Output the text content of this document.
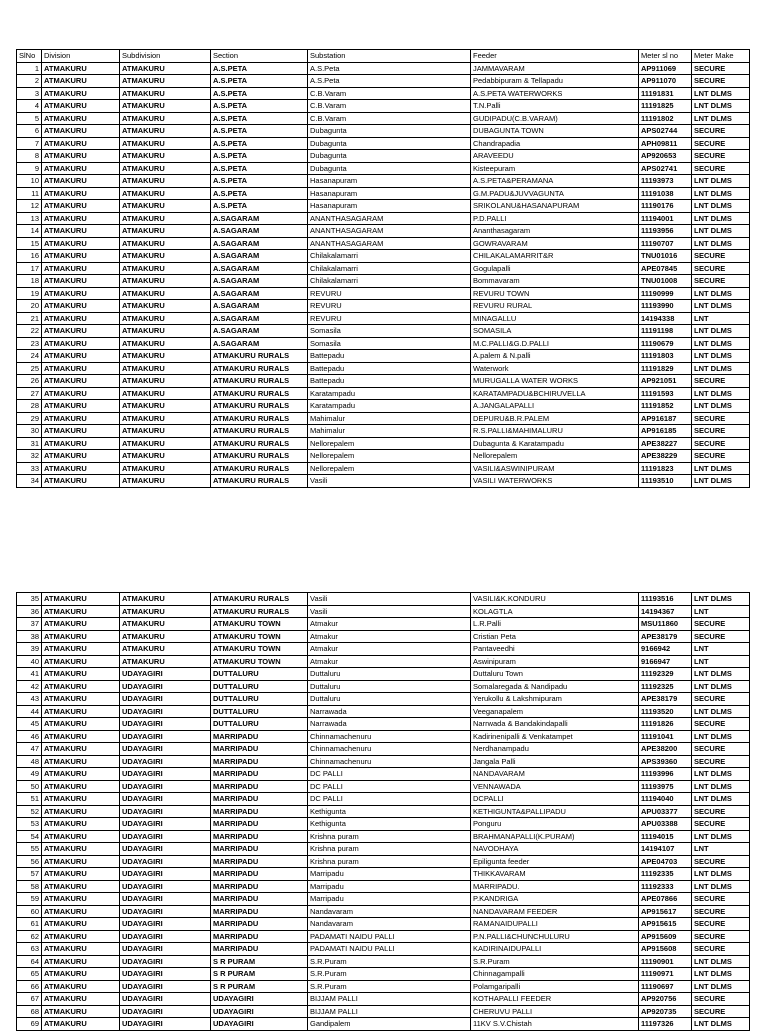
SlNo	Division	Subdivision	Section	Substation	Feeder	Meter sl no	Meter Make
1	ATMAKURU	ATMAKURU	A.S.PETA	A.S.Peta	JAMMAVARAM	AP911069	SECURE
2	ATMAKURU	ATMAKURU	A.S.PETA	A.S.Peta	Pedabbipuram & Tellapadu	AP911070	SECURE
3	ATMAKURU	ATMAKURU	A.S.PETA	C.B.Varam	A.S.PETA WATERWORKS	11191831	LNT DLMS
4	ATMAKURU	ATMAKURU	A.S.PETA	C.B.Varam	T.N.Palli	11191825	LNT DLMS
5	ATMAKURU	ATMAKURU	A.S.PETA	C.B.Varam	GUDIPADU(C.B.VARAM)	11191802	LNT DLMS
6	ATMAKURU	ATMAKURU	A.S.PETA	Dubagunta	DUBAGUNTA TOWN	APS02744	SECURE
7	ATMAKURU	ATMAKURU	A.S.PETA	Dubagunta	Chandrapadia	APH09811	SECURE
8	ATMAKURU	ATMAKURU	A.S.PETA	Dubagunta	ARAVEEDU	AP920653	SECURE
9	ATMAKURU	ATMAKURU	A.S.PETA	Dubagunta	Kisteepuram	APS02741	SECURE
10	ATMAKURU	ATMAKURU	A.S.PETA	Hasanapuram	A.S.PETA&PERAMANA	11193973	LNT DLMS
11	ATMAKURU	ATMAKURU	A.S.PETA	Hasanapuram	G.M.PADU&JUVVAGUNTA	11191038	LNT DLMS
12	ATMAKURU	ATMAKURU	A.S.PETA	Hasanapuram	SRIKOLANU&HASANAPURAM	11190176	LNT DLMS
13	ATMAKURU	ATMAKURU	A.SAGARAM	ANANTHASAGARAM	P.D.PALLI	11194001	LNT DLMS
14	ATMAKURU	ATMAKURU	A.SAGARAM	ANANTHASAGARAM	Ananthasagaram	11193956	LNT DLMS
15	ATMAKURU	ATMAKURU	A.SAGARAM	ANANTHASAGARAM	GOWRAVARAM	11190707	LNT DLMS
16	ATMAKURU	ATMAKURU	A.SAGARAM	Chilakalamarri	CHILAKALAMARRIT&R	TNU01016	SECURE
17	ATMAKURU	ATMAKURU	A.SAGARAM	Chilakalamarri	Gogulapalli	APE07845	SECURE
18	ATMAKURU	ATMAKURU	A.SAGARAM	Chilakalamarri	Bommavaram	TNU01008	SECURE
19	ATMAKURU	ATMAKURU	A.SAGARAM	REVURU	REVURU TOWN	11190999	LNT DLMS
20	ATMAKURU	ATMAKURU	A.SAGARAM	REVURU	REVURU RURAL	11193990	LNT DLMS
21	ATMAKURU	ATMAKURU	A.SAGARAM	REVURU	MINAGALLU	14194338	LNT
22	ATMAKURU	ATMAKURU	A.SAGARAM	Somasila	SOMASILA	11191198	LNT DLMS
23	ATMAKURU	ATMAKURU	A.SAGARAM	Somasila	M.C.PALLI&G.D.PALLI	11190679	LNT DLMS
24	ATMAKURU	ATMAKURU	ATMAKURU RURALS	Battepadu	A.palem & N.palli	11191803	LNT DLMS
25	ATMAKURU	ATMAKURU	ATMAKURU RURALS	Battepadu	Waterwork	11191829	LNT DLMS
26	ATMAKURU	ATMAKURU	ATMAKURU RURALS	Battepadu	MURUGALLA WATER WORKS	AP921051	SECURE
27	ATMAKURU	ATMAKURU	ATMAKURU RURALS	Karatampadu	KARATAMPADU&BCHIRUVELLA	11191593	LNT DLMS
28	ATMAKURU	ATMAKURU	ATMAKURU RURALS	Karatampadu	A.JANGALAPALLI	11191852	LNT DLMS
29	ATMAKURU	ATMAKURU	ATMAKURU RURALS	Mahimalur	DEPURU&B.R.PALEM	AP916187	SECURE
30	ATMAKURU	ATMAKURU	ATMAKURU RURALS	Mahimalur	R.S.PALLI&MAHIMALURU	AP916185	SECURE
31	ATMAKURU	ATMAKURU	ATMAKURU RURALS	Nellorepalem	Dubagunta & Karatampadu	APE38227	SECURE
32	ATMAKURU	ATMAKURU	ATMAKURU RURALS	Nellorepalem	Nellorepalem	APE38229	SECURE
33	ATMAKURU	ATMAKURU	ATMAKURU RURALS	Nellorepalem	VASILI&ASWINIPURAM	11191823	LNT DLMS
34	ATMAKURU	ATMAKURU	ATMAKURU RURALS	Vasili	VASILI WATERWORKS	11193510	LNT DLMS
35	ATMAKURU	ATMAKURU	ATMAKURU RURALS	Vasili	VASILI&K.KONDURU	11193516	LNT DLMS
36	ATMAKURU	ATMAKURU	ATMAKURU RURALS	Vasili	KOLAGTLA	14194367	LNT
37	ATMAKURU	ATMAKURU	ATMAKURU TOWN	Atmakur	L.R.Palli	MSU11860	SECURE
38	ATMAKURU	ATMAKURU	ATMAKURU TOWN	Atmakur	Cristian Peta	APE38179	SECURE
39	ATMAKURU	ATMAKURU	ATMAKURU TOWN	Atmakur	Pantaveedhi	9166942	LNT
40	ATMAKURU	ATMAKURU	ATMAKURU TOWN	Atmakur	Aswinipuram	9166947	LNT
41	ATMAKURU	UDAYAGIRI	DUTTALURU	Duttaluru	Duttaluru Town	11192329	LNT DLMS
42	ATMAKURU	UDAYAGIRI	DUTTALURU	Duttaluru	Somalaregada & Nandipadu	11192325	LNT DLMS
43	ATMAKURU	UDAYAGIRI	DUTTALURU	Duttaluru	Yerukollu & Lakshmipuram	APE38179	SECURE
44	ATMAKURU	UDAYAGIRI	DUTTALURU	Narrawada	Veeganapalem	11193520	LNT DLMS
45	ATMAKURU	UDAYAGIRI	DUTTALURU	Narrawada	Narrwada & Bandakindapalli	11191826	SECURE
46	ATMAKURU	UDAYAGIRI	MARRIPADU	Chinnamachenuru	Kadirinenipalli & Venkatampet	11191041	LNT DLMS
47	ATMAKURU	UDAYAGIRI	MARRIPADU	Chinnamachenuru	Nerdhanampadu	APE38200	SECURE
48	ATMAKURU	UDAYAGIRI	MARRIPADU	Chinnamachenuru	Jangala Palli	APS39360	SECURE
49	ATMAKURU	UDAYAGIRI	MARRIPADU	DC PALLI	NANDAVARAM	11193996	LNT DLMS
50	ATMAKURU	UDAYAGIRI	MARRIPADU	DC PALLI	VENNAWADA	11193975	LNT DLMS
51	ATMAKURU	UDAYAGIRI	MARRIPADU	DC PALLI	DCPALLI	11194040	LNT DLMS
52	ATMAKURU	UDAYAGIRI	MARRIPADU	Kethigunta	KETHIGUNTA&PALLIPADU	APU03377	SECURE
53	ATMAKURU	UDAYAGIRI	MARRIPADU	Kethigunta	Ponguru	APU03388	SECURE
54	ATMAKURU	UDAYAGIRI	MARRIPADU	Krishna puram	BRAHMANAPALLI(K.PURAM)	11194015	LNT DLMS
55	ATMAKURU	UDAYAGIRI	MARRIPADU	Krishna puram	NAVODHAYA	14194107	LNT
56	ATMAKURU	UDAYAGIRI	MARRIPADU	Krishna puram	Epiligunta feeder	APE04703	SECURE
57	ATMAKURU	UDAYAGIRI	MARRIPADU	Marripadu	THIKKAVARAM	11192335	LNT DLMS
58	ATMAKURU	UDAYAGIRI	MARRIPADU	Marripadu	MARRIPADU.	11192333	LNT DLMS
59	ATMAKURU	UDAYAGIRI	MARRIPADU	Marripadu	P.KANDRIGA	APE07866	SECURE
60	ATMAKURU	UDAYAGIRI	MARRIPADU	Nandavaram	NANDAVARAM FEEDER	AP915617	SECURE
61	ATMAKURU	UDAYAGIRI	MARRIPADU	Nandavaram	RAMANAIDUPALLI	AP915615	SECURE
62	ATMAKURU	UDAYAGIRI	MARRIPADU	PADAMATI NAIDU PALLI	P.N.PALLI&CHUNCHULURU	AP915609	SECURE
63	ATMAKURU	UDAYAGIRI	MARRIPADU	PADAMATI NAIDU PALLI	KADIRINAIDUPALLI	AP915608	SECURE
64	ATMAKURU	UDAYAGIRI	S R PURAM	S.R.Puram	S.R.Puram	11190901	LNT DLMS
65	ATMAKURU	UDAYAGIRI	S R PURAM	S.R.Puram	Chinnagampalli	11190971	LNT DLMS
66	ATMAKURU	UDAYAGIRI	S R PURAM	S.R.Puram	Polamgaripalli	11190697	LNT DLMS
67	ATMAKURU	UDAYAGIRI	UDAYAGIRI	BIJJAM PALLI	KOTHAPALLI FEEDER	AP920756	SECURE
68	ATMAKURU	UDAYAGIRI	UDAYAGIRI	BIJJAM PALLI	CHERUVU PALLI	AP920735	SECURE
69	ATMAKURU	UDAYAGIRI	UDAYAGIRI	Gandipalem	11KV S.V.Chistah	11197326	LNT DLMS
